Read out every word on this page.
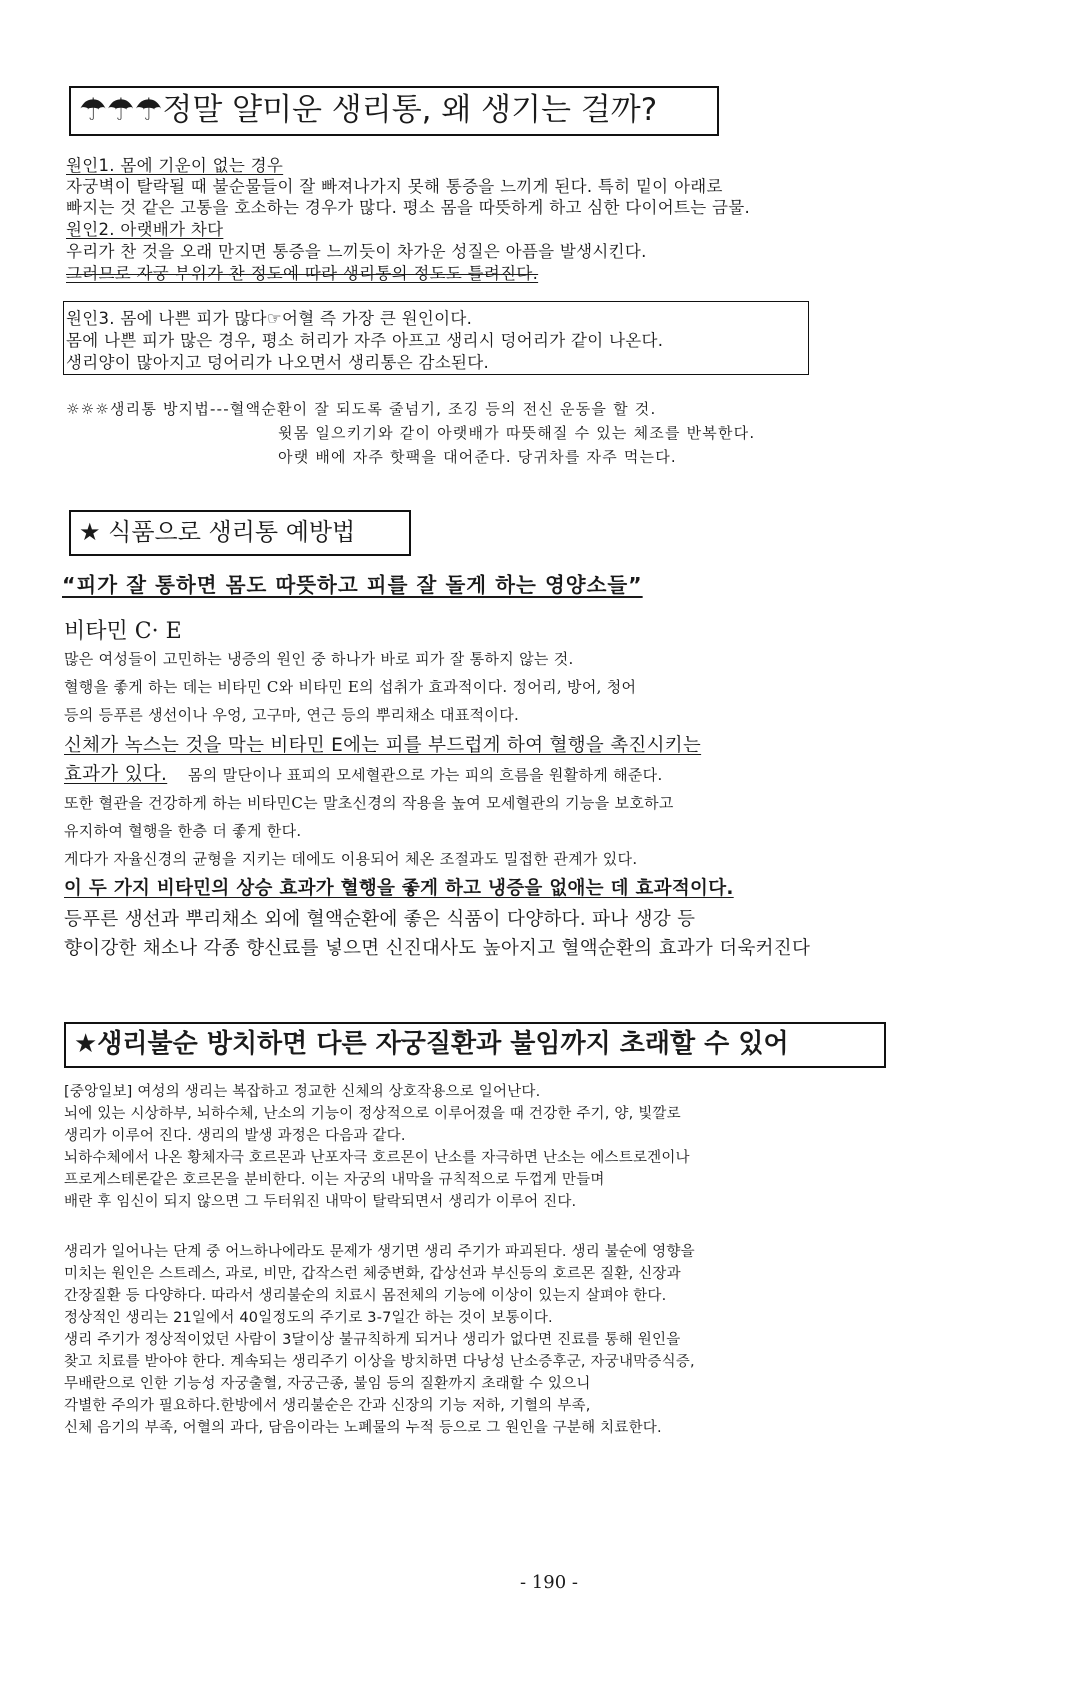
☂☂☂정말 얄미운 생리통, 왜 생기는 걸까?
원인1. 몸에 기운이 없는 경우
자궁벽이 탈락될 때 불순물들이 잘 빠져나가지 못해 통증을 느끼게 된다. 특히 밑이 아래로
빠지는 것 같은 고통을 호소하는 경우가 많다. 평소 몸을 따뜻하게 하고 심한 다이어트는 금물.
원인2. 아랫배가 차다
우리가 찬 것을 오래 만지면 통증을 느끼듯이 차가운 성질은 아픔을 발생시킨다.
그러므로 자궁 부위가 찬 정도에 따라 생리통의 정도도 틀려진다.
원인3. 몸에 나쁜 피가 많다☞어혈 즉 가장 큰 원인이다.
몸에 나쁜 피가 많은 경우, 평소 허리가 자주 아프고 생리시 덩어리가 같이 나온다.
생리양이 많아지고 덩어리가 나오면서 생리통은 감소된다.
☼☼☼생리통 방지법---혈액순환이 잘 되도록 줄넘기, 조깅 등의 전신 운동을 할 것.
윗몸 일으키기와 같이 아랫배가 따뜻해질 수 있는 체조를 반복한다.
아랫 배에 자주 핫팩을 대어준다. 당귀차를 자주 먹는다.
★ 식품으로 생리통 예방법
“피가 잘 통하면 몸도 따뜻하고 피를 잘 돌게 하는 영양소들”
비타민 C· E
많은 여성들이 고민하는 냉증의 원인 중 하나가 바로 피가 잘 통하지 않는 것.
혈행을 좋게 하는 데는 비타민 C와 비타민 E의 섭취가 효과적이다. 정어리, 방어, 청어
등의 등푸른 생선이나 우엉, 고구마, 연근 등의 뿌리채소 대표적이다.
신체가 녹스는 것을 막는 비타민 E에는 피를 부드럽게 하여 혈행을 촉진시키는
효과가 있다. 몸의 말단이나 표피의 모세혈관으로 가는 피의 흐름을 원활하게 해준다.
또한 혈관을 건강하게 하는 비타민C는 말초신경의 작용을 높여 모세혈관의 기능을 보호하고
유지하여 혈행을 한층 더 좋게 한다.
게다가 자율신경의 균형을 지키는 데에도 이용되어 체온 조절과도 밀접한 관계가 있다.
이 두 가지 비타민의 상승 효과가 혈행을 좋게 하고 냉증을 없애는 데 효과적이다.
등푸른 생선과 뿌리채소 외에 혈액순환에 좋은 식품이 다양하다. 파나 생강 등
향이강한 채소나 각종 향신료를 넣으면 신진대사도 높아지고 혈액순환의 효과가 더욱커진다
★생리불순 방치하면 다른 자궁질환과 불임까지 초래할 수 있어
[중앙일보] 여성의 생리는 복잡하고 정교한 신체의 상호작용으로 일어난다.
뇌에 있는 시상하부, 뇌하수체, 난소의 기능이 정상적으로 이루어졌을 때 건강한 주기, 양, 빛깔로
생리가 이루어 진다. 생리의 발생 과정은 다음과 같다.
뇌하수체에서 나온 황체자극 호르몬과 난포자극 호르몬이 난소를 자극하면 난소는 에스트로겐이나
프로게스테론같은 호르몬을 분비한다. 이는 자궁의 내막을 규칙적으로 두껍게 만들며
배란 후 임신이 되지 않으면 그 두터워진 내막이 탈락되면서 생리가 이루어 진다.
생리가 일어나는 단계 중 어느하나에라도 문제가 생기면 생리 주기가 파괴된다. 생리 불순에 영향을
미치는 원인은 스트레스, 과로, 비만, 갑작스런 체중변화, 갑상선과 부신등의 호르몬 질환, 신장과
간장질환 등 다양하다. 따라서 생리불순의 치료시 몸전체의 기능에 이상이 있는지 살펴야 한다.
정상적인 생리는 21일에서 40일정도의 주기로 3-7일간 하는 것이 보통이다.
생리 주기가 정상적이었던 사람이 3달이상 불규칙하게 되거나 생리가 없다면 진료를 통해 원인을
찾고 치료를 받아야 한다. 계속되는 생리주기 이상을 방치하면 다낭성 난소증후군, 자궁내막증식증,
무배란으로 인한 기능성 자궁출혈, 자궁근종, 불임 등의 질환까지 초래할 수 있으니
각별한 주의가 필요하다.한방에서 생리불순은 간과 신장의 기능 저하, 기혈의 부족,
신체 음기의 부족, 어혈의 과다, 담음이라는 노폐물의 누적 등으로 그 원인을 구분해 치료한다.
- 190 -
